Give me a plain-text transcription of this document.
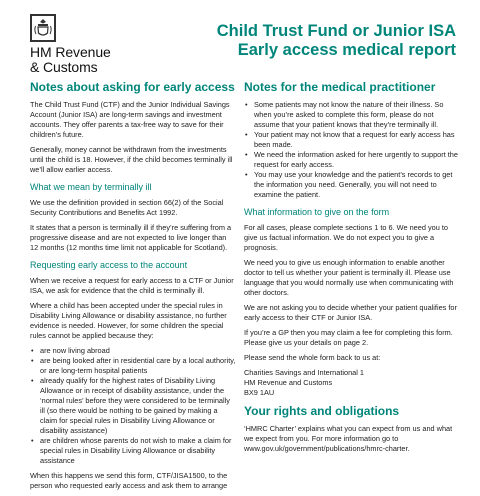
HM Revenue
& Customs
Child Trust Fund or Junior ISA
Early access medical report
Notes about asking for early access

The Child Trust Fund (CTF) and the Junior Individual Savings Account (Junior ISA) are long-term savings and investment accounts. They offer parents a tax-free way to save for their children’s future.

Generally, money cannot be withdrawn from the investments until the child is 18. However, if the child becomes terminally ill we’ll allow earlier access.

What we mean by terminally ill

We use the definition provided in section 66(2) of the Social Security Contributions and Benefits Act 1992.

It states that a person is terminally ill if they’re suffering from a progressive disease and are not expected to live longer than 12 months (12 months time limit not applicable for Scotland).

Requesting early access to the account

When we receive a request for early access to a CTF or Junior ISA, we ask for evidence that the child is terminally ill.

Where a child has been accepted under the special rules in Disability Living Allowance or disability assistance, no further evidence is needed. However, for some children the special rules cannot be applied because they:

• are now living abroad
• are being looked after in residential care by a local authority, or are long-term hospital patients
• already qualify for the highest rates of Disability Living Allowance or in receipt of disability assistance, under the ‘normal rules’ before they were considered to be terminally ill (so there would be nothing to be gained by making a claim for special rules in Disability Living Allowance or disability assistance)
• are children whose parents do not wish to make a claim for special rules in Disability Living Allowance or disability assistance

When this happens we send this form, CTF/JISA1500, to the person who requested early access and ask them to arrange

Notes for the medical practitioner
• Some patients may not know the nature of their illness. So when you’re asked to complete this form, please do not assume that your patient knows that they’re terminally ill.
• Your patient may not know that a request for early access has been made.
• We need the information asked for here urgently to support the request for early access.
• You may use your knowledge and the patient’s records to get the information you need. Generally, you will not need to examine the patient.
What information to give on the form

For all cases, please complete sections 1 to 6. We need you to give us factual information. We do not expect you to give a prognosis.

We need you to give us enough information to enable another doctor to tell us whether your patient is terminally ill. Please use language that you would normally use when communicating with other doctors.

We are not asking you to decide whether your patient qualifies for early access to their CTF or Junior ISA.

If you’re a GP then you may claim a fee for completing this form. Please give us your details on page 2.

Please send the whole form back to us at:

Charities Savings and International 1
HM Revenue and Customs
BX9 1AU
Your rights and obligations

‘HMRC Charter’ explains what you can expect from us and what we expect from you. For more information go to www.gov.uk/government/publications/hmrc-charter.
